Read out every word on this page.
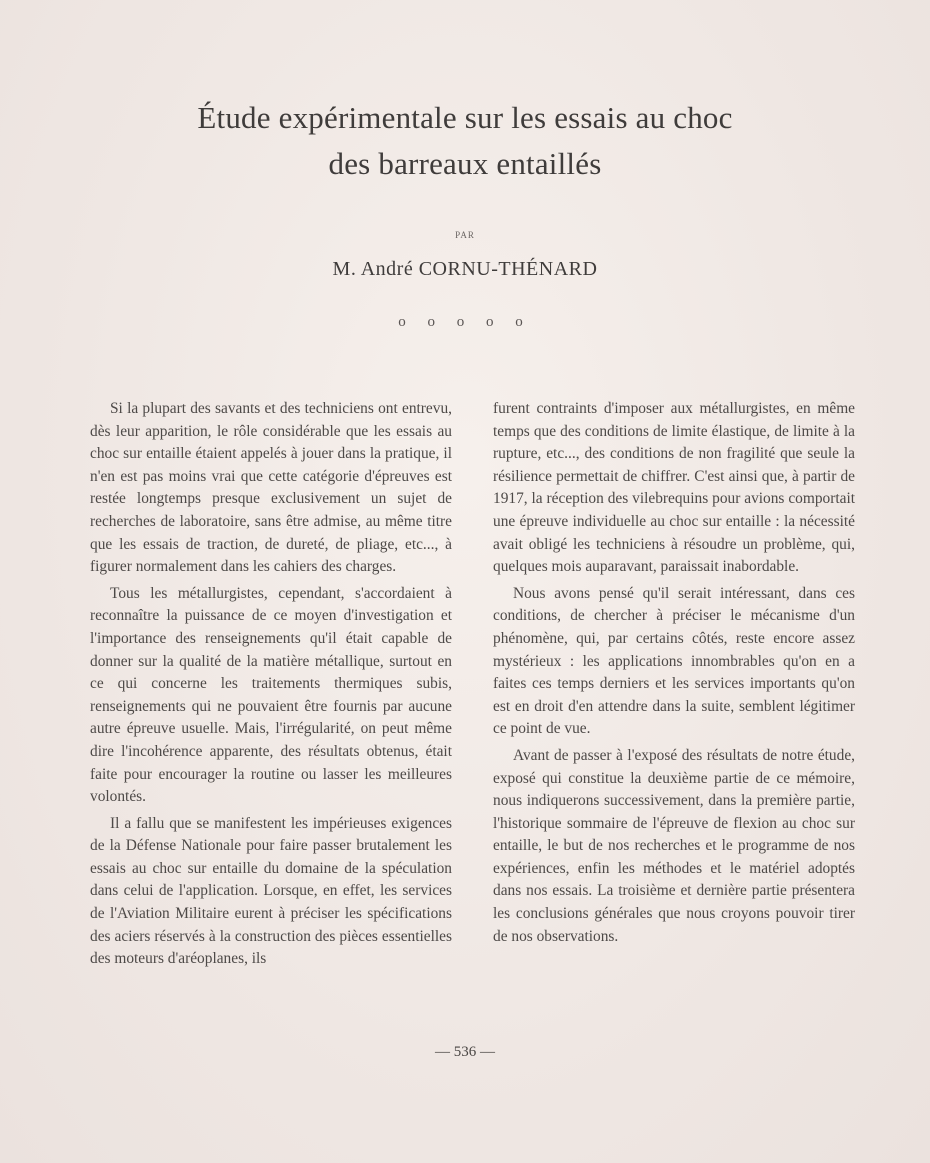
Étude expérimentale sur les essais au choc
des barreaux entaillés
PAR
M. André CORNU-THÉNARD
o o o o o

Si la plupart des savants et des techniciens ont entrevu, dès leur apparition, le rôle considérable que les essais au choc sur entaille étaient appelés à jouer dans la pratique, il n'en est pas moins vrai que cette catégorie d'épreuves est restée longtemps presque exclusivement un sujet de recherches de laboratoire, sans être admise, au même titre que les essais de traction, de dureté, de pliage, etc..., à figurer normalement dans les cahiers des charges.

Tous les métallurgistes, cependant, s'accordaient à reconnaître la puissance de ce moyen d'investigation et l'importance des renseignements qu'il était capable de donner sur la qualité de la matière métallique, surtout en ce qui concerne les traitements thermiques subis, renseignements qui ne pouvaient être fournis par aucune autre épreuve usuelle. Mais, l'irrégularité, on peut même dire l'incohérence apparente, des résultats obtenus, était faite pour encourager la routine ou lasser les meilleures volontés.

Il a fallu que se manifestent les impérieuses exigences de la Défense Nationale pour faire passer brutalement les essais au choc sur entaille du domaine de la spéculation dans celui de l'application. Lorsque, en effet, les services de l'Aviation Militaire eurent à préciser les spécifications des aciers réservés à la construction des pièces essentielles des moteurs d'aréoplanes, ils

furent contraints d'imposer aux métallurgistes, en même temps que des conditions de limite élastique, de limite à la rupture, etc..., des conditions de non fragilité que seule la résilience permettait de chiffrer. C'est ainsi que, à partir de 1917, la réception des vilebrequins pour avions comportait une épreuve individuelle au choc sur entaille : la nécessité avait obligé les techniciens à résoudre un problème, qui, quelques mois auparavant, paraissait inabordable.

Nous avons pensé qu'il serait intéressant, dans ces conditions, de chercher à préciser le mécanisme d'un phénomène, qui, par certains côtés, reste encore assez mystérieux : les applications innombrables qu'on en a faites ces temps derniers et les services importants qu'on est en droit d'en attendre dans la suite, semblent légitimer ce point de vue.

Avant de passer à l'exposé des résultats de notre étude, exposé qui constitue la deuxième partie de ce mémoire, nous indiquerons successivement, dans la première partie, l'historique sommaire de l'épreuve de flexion au choc sur entaille, le but de nos recherches et le programme de nos expériences, enfin les méthodes et le matériel adoptés dans nos essais. La troisième et dernière partie présentera les conclusions générales que nous croyons pouvoir tirer de nos observations.

— 536 —
